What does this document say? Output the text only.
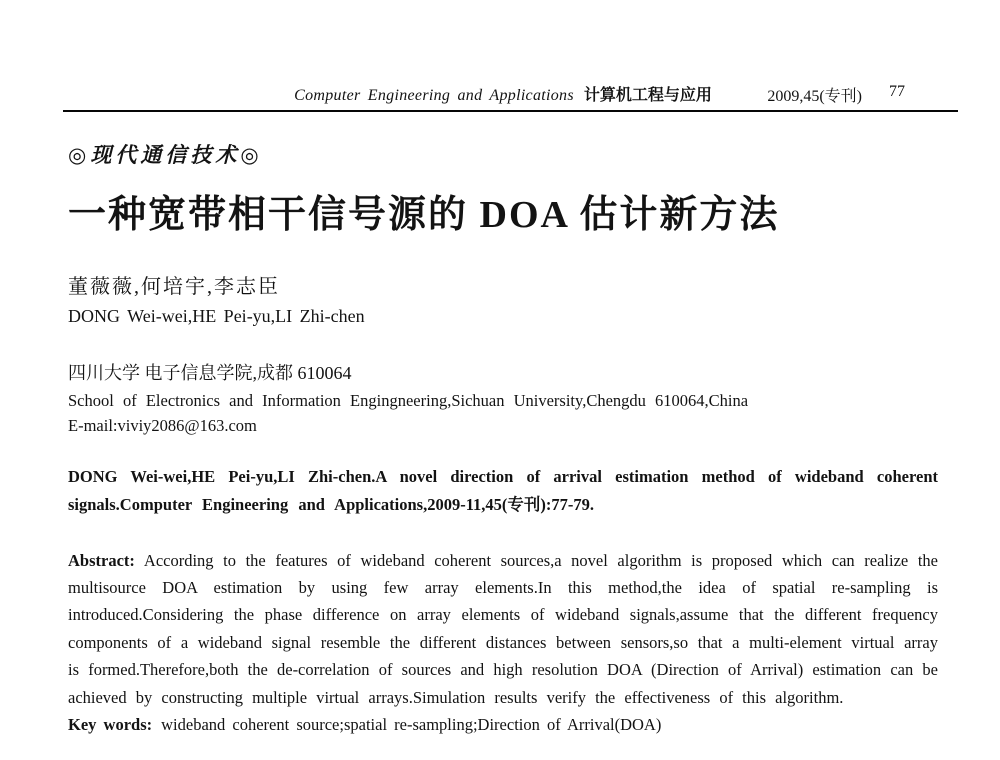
Computer Engineering and Applications 计算机工程与应用	2009,45(专刊) 77
◎现代通信技术◎
一种宽带相干信号源的 DOA 估计新方法
董薇薇,何培宇,李志臣
DONG Wei-wei,HE Pei-yu,LI Zhi-chen
四川大学 电子信息学院,成都 610064
School of Electronics and Information Engingneering,Sichuan University,Chengdu 610064,China
E-mail:viviy2086@163.com

DONG Wei-wei,HE Pei-yu,LI Zhi-chen.A novel direction of arrival estimation method of wideband coherent signals.Computer Engineering and Applications,2009-11,45(专刊):77-79.

Abstract: According to the features of wideband coherent sources,a novel algorithm is proposed which can realize the multisource DOA estimation by using few array elements.In this method,the idea of spatial re-sampling is introduced.Considering the phase difference on array elements of wideband signals,assume that the different frequency components of a wideband signal resemble the different distances between sensors,so that a multi-element virtual array is formed.Therefore,both the de-correlation of sources and high resolution DOA (Direction of Arrival) estimation can be achieved by constructing multiple virtual arrays.Simulation results verify the effectiveness of this algorithm.

Key words: wideband coherent source;spatial re-sampling;Direction of Arrival(DOA)
